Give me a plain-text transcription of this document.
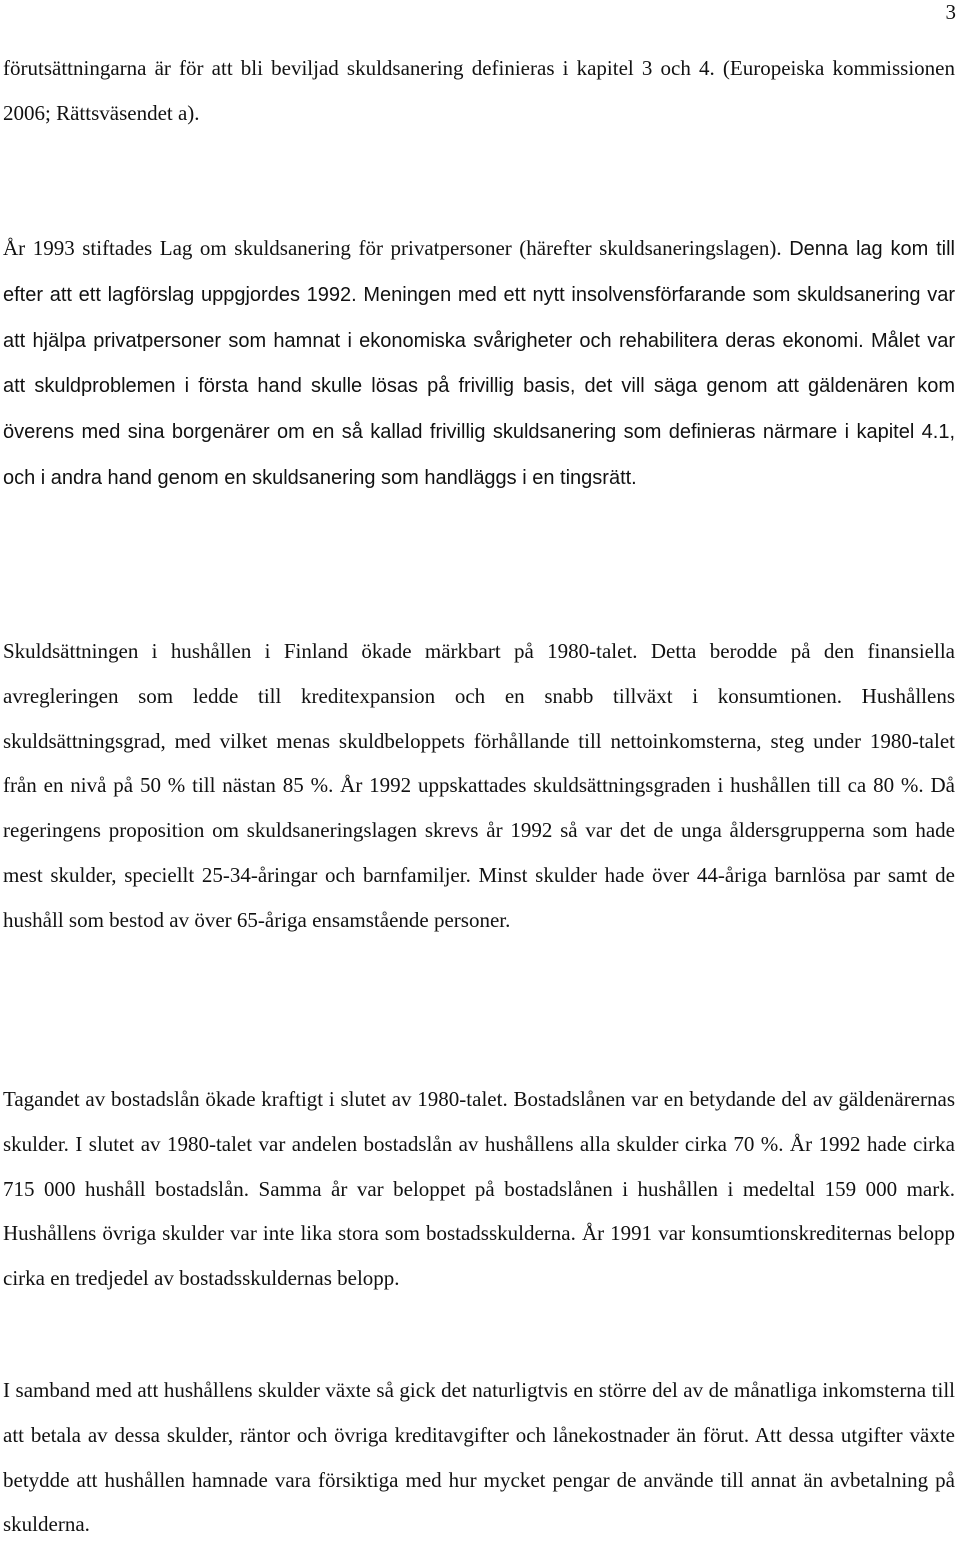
3

förutsättningarna är för att bli beviljad skuldsanering definieras i kapitel 3 och 4. (Europeiska kommissionen 2006; Rättsväsendet a).

År 1993 stiftades Lag om skuldsanering för privatpersoner (härefter skuldsaneringslagen). Denna lag kom till efter att ett lagförslag uppgjordes 1992. Meningen med ett nytt insolvensförfarande som skuldsanering var att hjälpa privatpersoner som hamnat i ekonomiska svårigheter och rehabilitera deras ekonomi. Målet var att skuldproblemen i första hand skulle lösas på frivillig basis, det vill säga genom att gäldenären kom överens med sina borgenärer om en så kallad frivillig skuldsanering som definieras närmare i kapitel 4.1, och i andra hand genom en skuldsanering som handläggs i en tingsrätt.

Skuldsättningen i hushållen i Finland ökade märkbart på 1980-talet. Detta berodde på den finansiella avregleringen som ledde till kreditexpansion och en snabb tillväxt i konsumtionen. Hushållens skuldsättningsgrad, med vilket menas skuldbeloppets förhållande till nettoinkomsterna, steg under 1980-talet från en nivå på 50 % till nästan 85 %. År 1992 uppskattades skuldsättningsgraden i hushållen till ca 80 %. Då regeringens proposition om skuldsaneringslagen skrevs år 1992 så var det de unga åldersgrupperna som hade mest skulder, speciellt 25-34-åringar och barnfamiljer. Minst skulder hade över 44-åriga barnlösa par samt de hushåll som bestod av över 65-åriga ensamstående personer.

Tagandet av bostadslån ökade kraftigt i slutet av 1980-talet. Bostadslånen var en betydande del av gäldenärernas skulder. I slutet av 1980-talet var andelen bostadslån av hushållens alla skulder cirka 70 %. År 1992 hade cirka 715 000 hushåll bostadslån. Samma år var beloppet på bostadslånen i hushållen i medeltal 159 000 mark. Hushållens övriga skulder var inte lika stora som bostadsskulderna. År 1991 var konsumtionskrediternas belopp cirka en tredjedel av bostadsskuldernas belopp.

I samband med att hushållens skulder växte så gick det naturligtvis en större del av de månatliga inkomsterna till att betala av dessa skulder, räntor och övriga kreditavgifter och lånekostnader än förut. Att dessa utgifter växte betydde att hushållen hamnade vara försiktiga med hur mycket pengar de använde till annat än avbetalning på skulderna.
